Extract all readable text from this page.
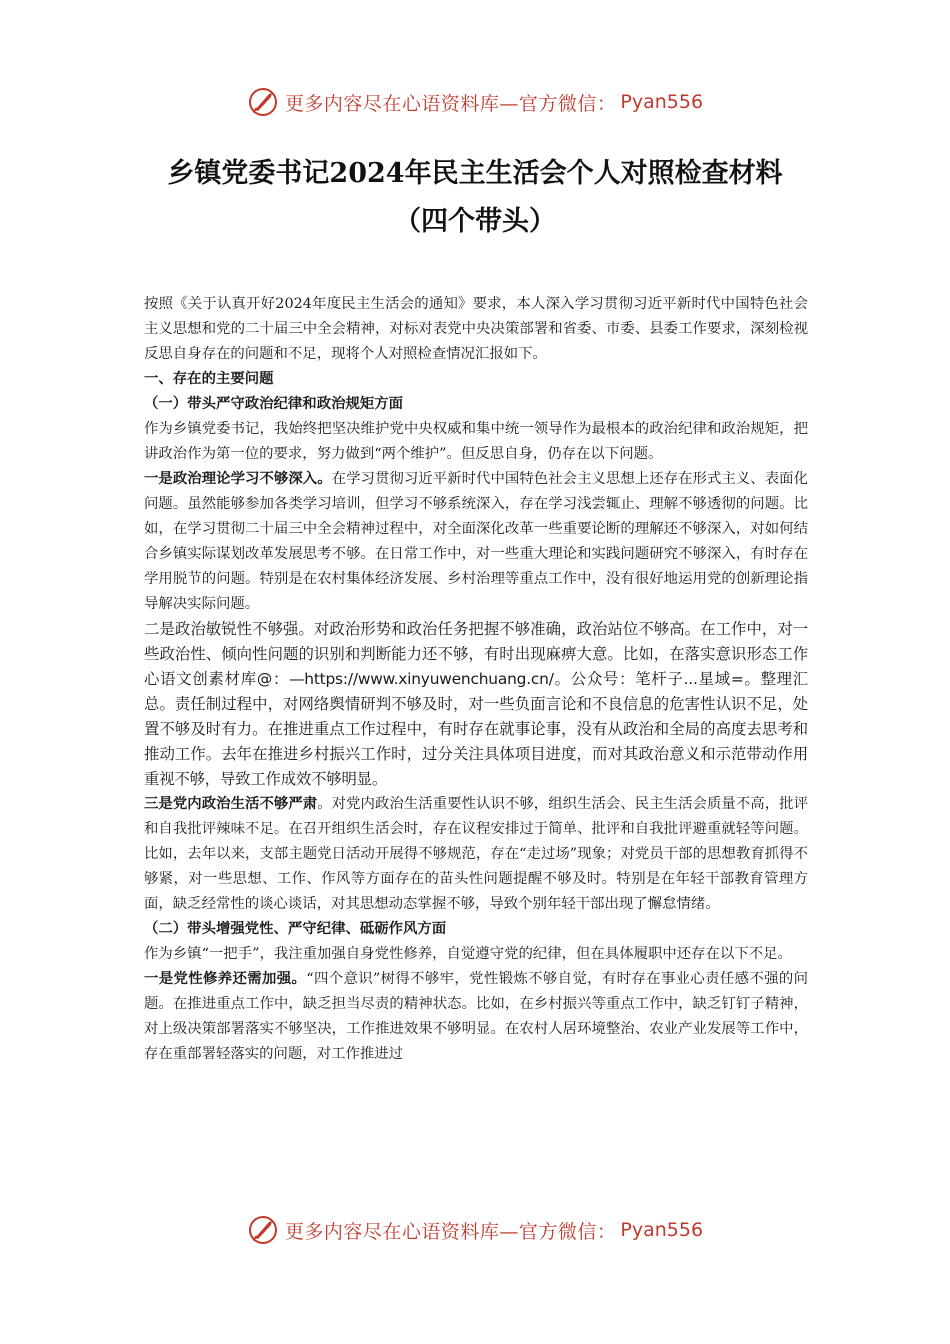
更多内容尽在心语资料库—官方微信： Pyan556
乡镇党委书记2024年民主生活会个人对照检查材料
（四个带头）

按照《关于认真开好2024年度民主生活会的通知》要求，本人深入学习贯彻习近平新时代中国特色社会主义思想和党的二十届三中全会精神，对标对表党中央决策部署和省委、市委、县委工作要求，深刻检视反思自身存在的问题和不足，现将个人对照检查情况汇报如下。

一、存在的主要问题

（一）带头严守政治纪律和政治规矩方面

作为乡镇党委书记，我始终把坚决维护党中央权威和集中统一领导作为最根本的政治纪律和政治规矩，把讲政治作为第一位的要求，努力做到“两个维护”。但反思自身，仍存在以下问题。

一是政治理论学习不够深入。在学习贯彻习近平新时代中国特色社会主义思想上还存在形式主义、表面化问题。虽然能够参加各类学习培训，但学习不够系统深入，存在学习浅尝辄止、理解不够透彻的问题。比如，在学习贯彻二十届三中全会精神过程中，对全面深化改革一些重要论断的理解还不够深入，对如何结合乡镇实际谋划改革发展思考不够。在日常工作中，对一些重大理论和实践问题研究不够深入，有时存在学用脱节的问题。特别是在农村集体经济发展、乡村治理等重点工作中，没有很好地运用党的创新理论指导解决实际问题。

二是政治敏锐性不够强。对政治形势和政治任务把握不够准确，政治站位不够高。在工作中，对一些政治性、倾向性问题的识别和判断能力还不够，有时出现麻痹大意。比如，在落实意识形态工作心语文创素材库@：—https://www.xinyuwenchuang.cn/。公众号：笔杆子...星域=。整理汇总。责任制过程中，对网络舆情研判不够及时，对一些负面言论和不良信息的危害性认识不足，处置不够及时有力。在推进重点工作过程中，有时存在就事论事，没有从政治和全局的高度去思考和推动工作。去年在推进乡村振兴工作时，过分关注具体项目进度，而对其政治意义和示范带动作用重视不够，导致工作成效不够明显。

三是党内政治生活不够严肃。对党内政治生活重要性认识不够，组织生活会、民主生活会质量不高，批评和自我批评辣味不足。在召开组织生活会时，存在议程安排过于简单、批评和自我批评避重就轻等问题。比如，去年以来，支部主题党日活动开展得不够规范，存在“走过场”现象；对党员干部的思想教育抓得不够紧，对一些思想、工作、作风等方面存在的苗头性问题提醒不够及时。特别是在年轻干部教育管理方面，缺乏经常性的谈心谈话，对其思想动态掌握不够，导致个别年轻干部出现了懈怠情绪。

（二）带头增强党性、严守纪律、砥砺作风方面

作为乡镇“一把手”，我注重加强自身党性修养，自觉遵守党的纪律，但在具体履职中还存在以下不足。

一是党性修养还需加强。“四个意识”树得不够牢，党性锻炼不够自觉，有时存在事业心责任感不强的问题。在推进重点工作中，缺乏担当尽责的精神状态。比如，在乡村振兴等重点工作中，缺乏钉钉子精神，对上级决策部署落实不够坚决，工作推进效果不够明显。在农村人居环境整治、农业产业发展等工作中，存在重部署轻落实的问题，对工作推进过

更多内容尽在心语资料库—官方微信： Pyan556
